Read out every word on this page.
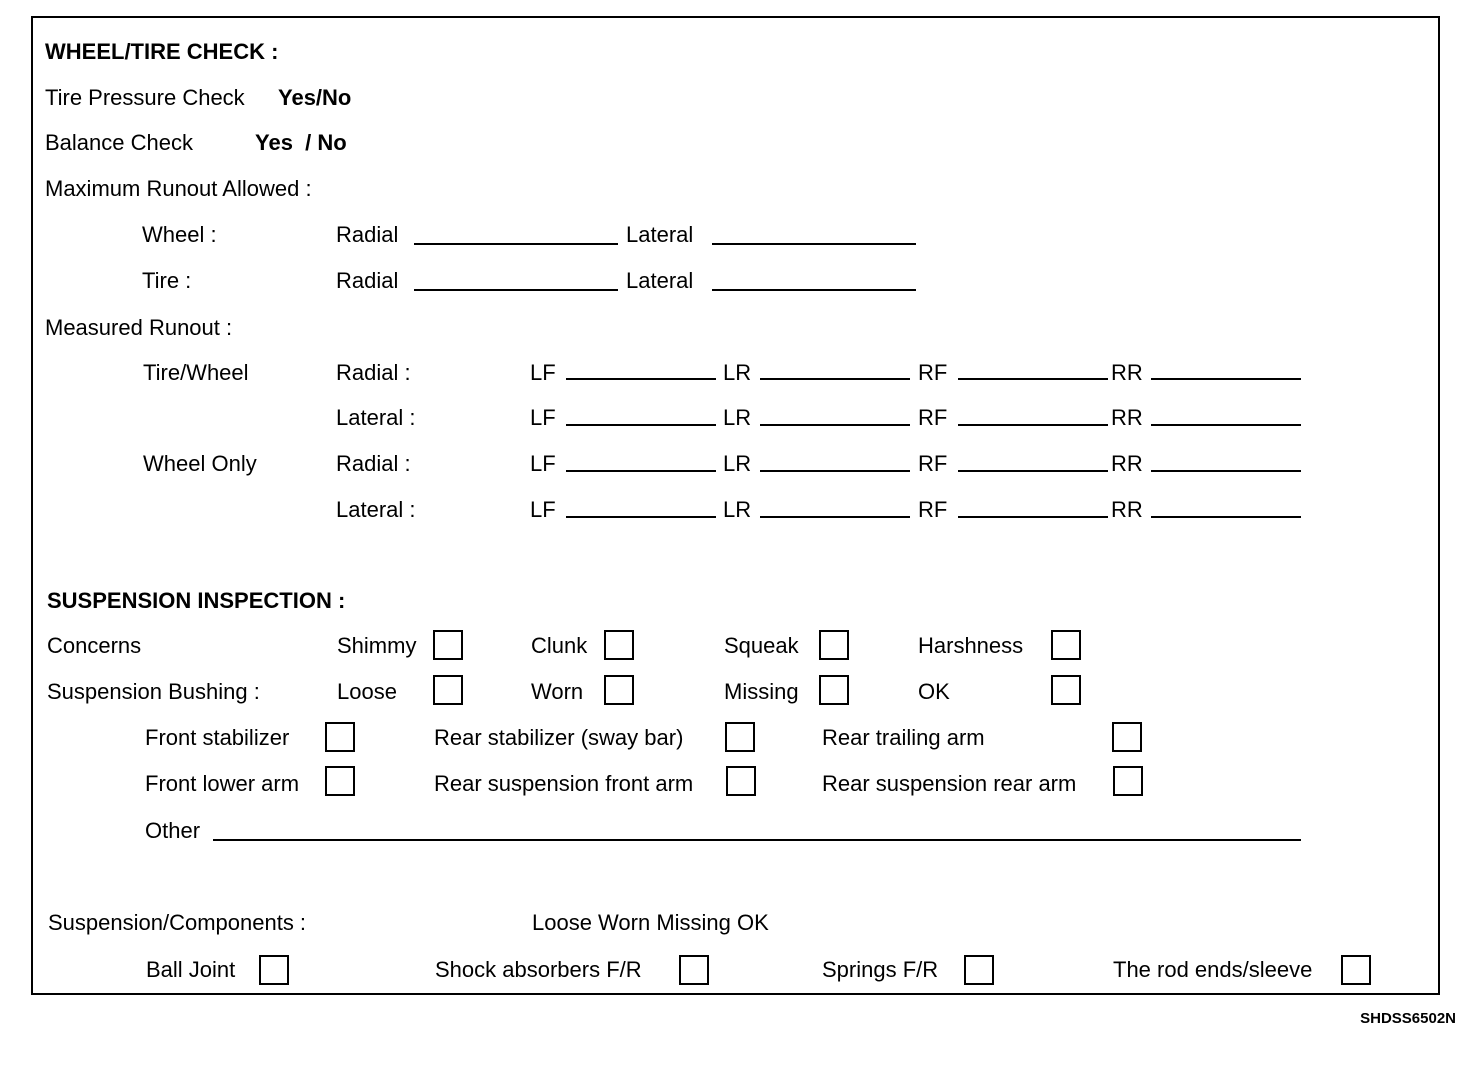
WHEEL/TIRE CHECK :
Tire Pressure Check Yes/No
Balance Check	Yes  / No
Maximum Runout Allowed :
Wheel :	Radial	Lateral
Tire :	Radial	Lateral
Measured Runout :
Tire/Wheel	Radial :	LF	LR	RF	RR
Lateral :	LF	LR	RF	RR
Wheel Only	Radial :	LF	LR	RF	RR
Lateral :	LF	LR	RF	RR
SUSPENSION INSPECTION :
Concerns	Shimmy	Clunk	Squeak	Harshness
Suspension Bushing :	Loose	Worn	Missing	OK
Front stabilizer	Rear stabilizer (sway bar)	Rear trailing arm
Front lower arm	Rear suspension front arm	Rear suspension rear arm
Other
Suspension/Components :	Loose Worn Missing OK
Ball Joint	Shock absorbers F/R	Springs F/R	The rod ends/sleeve
SHDSS6502N
